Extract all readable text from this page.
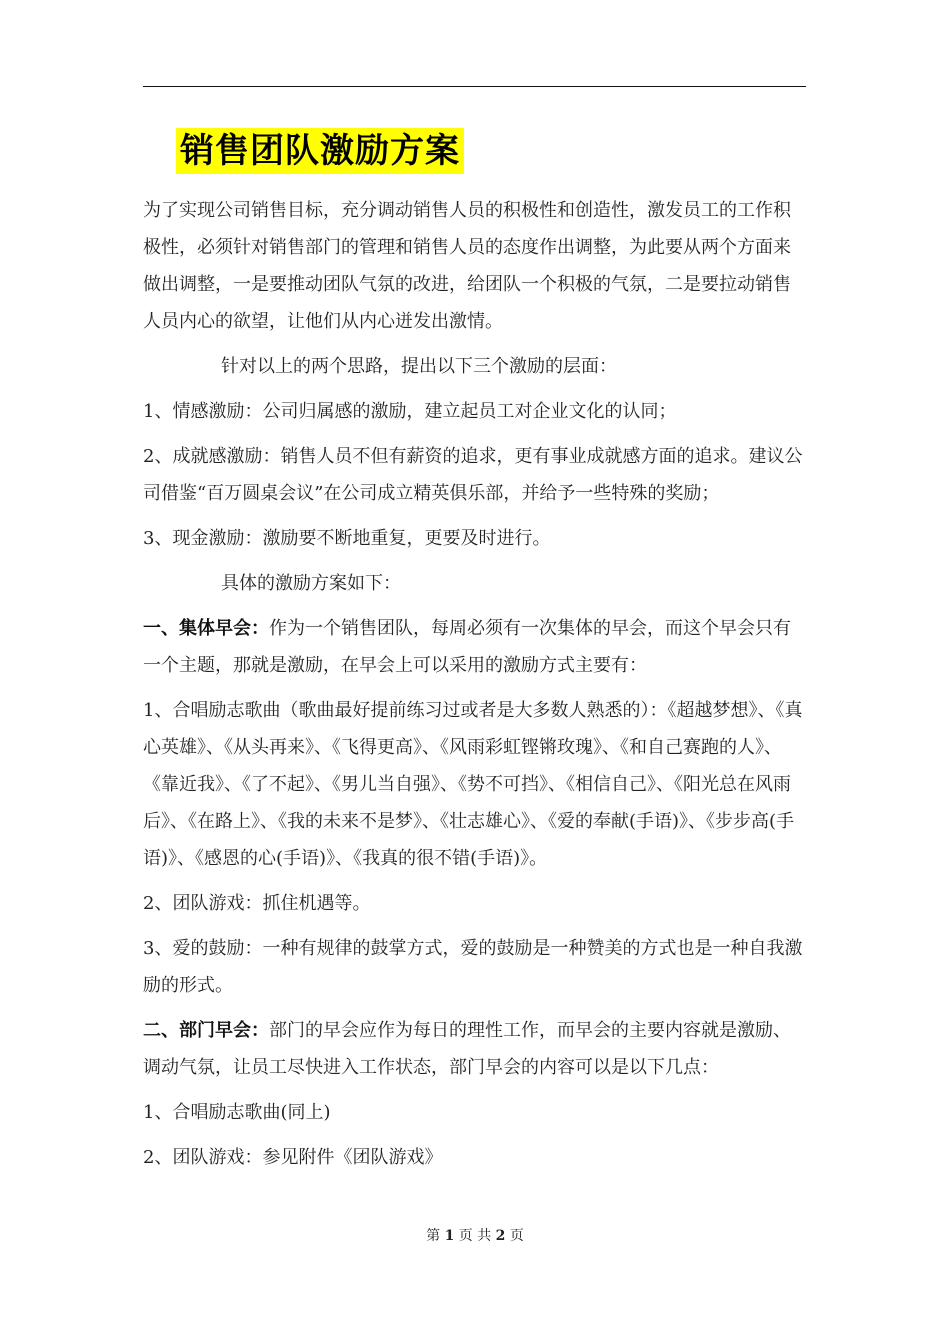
销售团队激励方案

为了实现公司销售目标，充分调动销售人员的积极性和创造性，激发员工的工作积极性，必须针对销售部门的管理和销售人员的态度作出调整，为此要从两个方面来做出调整，一是要推动团队气氛的改进，给团队一个积极的气氛，二是要拉动销售人员内心的欲望，让他们从内心迸发出激情。

针对以上的两个思路，提出以下三个激励的层面：

1、情感激励：公司归属感的激励，建立起员工对企业文化的认同；

2、成就感激励：销售人员不但有薪资的追求，更有事业成就感方面的追求。建议公司借鉴“百万圆桌会议”在公司成立精英俱乐部，并给予一些特殊的奖励；

3、现金激励：激励要不断地重复，更要及时进行。

具体的激励方案如下：

一、集体早会：作为一个销售团队，每周必须有一次集体的早会，而这个早会只有一个主题，那就是激励，在早会上可以采用的激励方式主要有：

1、合唱励志歌曲（歌曲最好提前练习过或者是大多数人熟悉的）：《超越梦想》、《真心英雄》、《从头再来》、《飞得更高》、《风雨彩虹铿锵玫瑰》、《和自己赛跑的人》、《靠近我》、《了不起》、《男儿当自强》、《势不可挡》、《相信自己》、《阳光总在风雨后》、《在路上》、《我的未来不是梦》、《壮志雄心》、《爱的奉献(手语)》、《步步高(手语)》、《感恩的心(手语)》、《我真的很不错(手语)》。

2、团队游戏：抓住机遇等。

3、爱的鼓励：一种有规律的鼓掌方式，爱的鼓励是一种赞美的方式也是一种自我激励的形式。

二、部门早会：部门的早会应作为每日的理性工作，而早会的主要内容就是激励、调动气氛，让员工尽快进入工作状态，部门早会的内容可以是以下几点：

1、合唱励志歌曲(同上)

2、团队游戏：参见附件《团队游戏》

第 1 页 共 2 页
